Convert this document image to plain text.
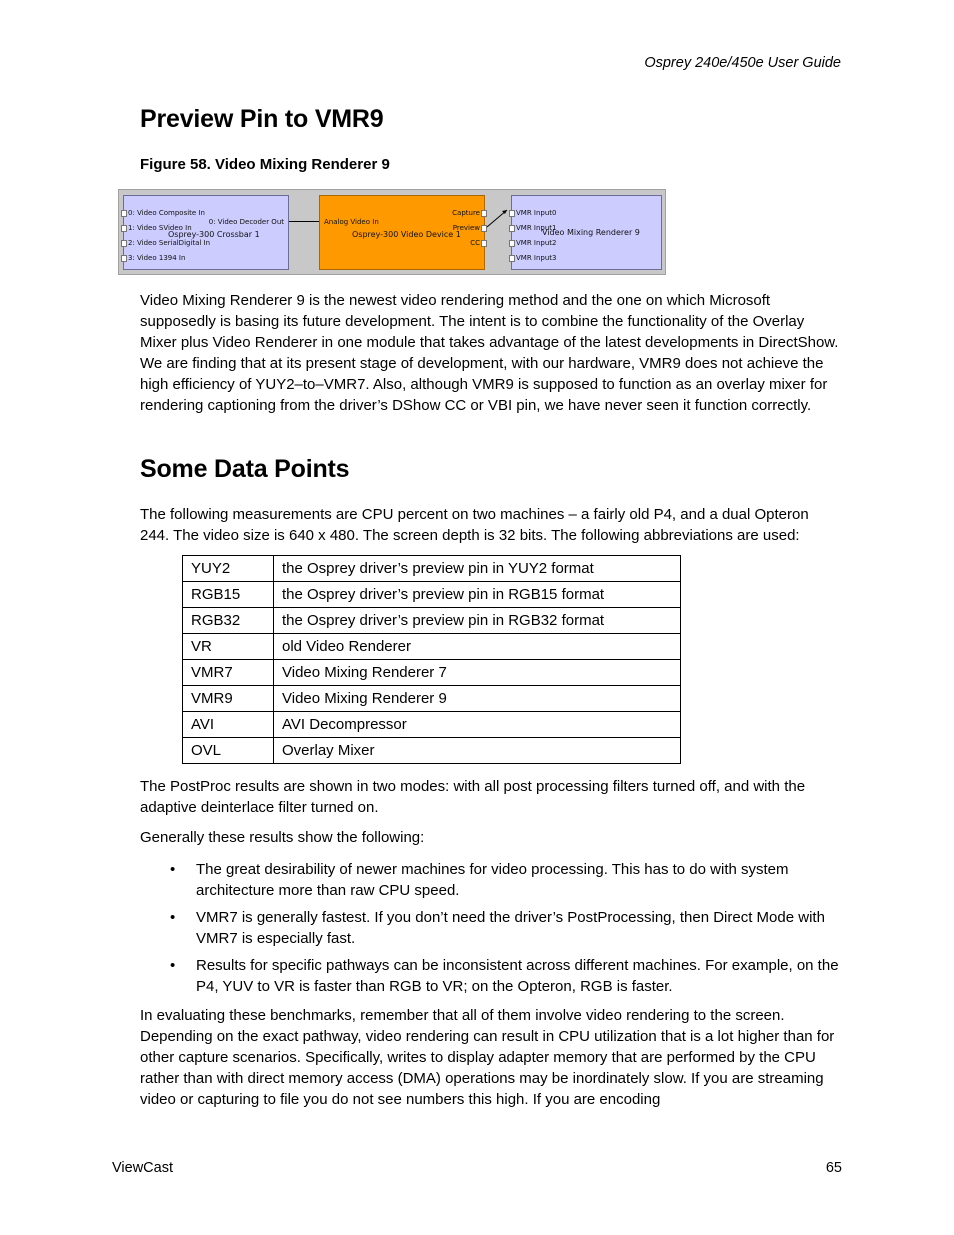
Osprey 240e/450e User Guide
Preview Pin to VMR9
Figure 58. Video Mixing Renderer 9
0: Video Composite In
1: Video SVideo In
2: Video SerialDigital In
3: Video 1394 In
0: Video Decoder Out
Osprey-300 Crossbar 1
Analog Video In
Capture
Preview
CC
Osprey-300 Video Device 1
VMR Input0
VMR Input1
VMR Input2
VMR Input3
Video Mixing Renderer 9

Video Mixing Renderer 9 is the newest video rendering method and the one on which Microsoft supposedly is basing its future development. The intent is to combine the functionality of the Overlay Mixer plus Video Renderer in one module that takes advantage of the latest developments in DirectShow. We are finding that at its present stage of development, with our hardware, VMR9 does not achieve the high efficiency of YUY2–to–VMR7. Also, although VMR9 is supposed to function as an overlay mixer for rendering captioning from the driver’s DShow CC or VBI pin, we have never seen it function correctly.

Some Data Points

The following measurements are CPU percent on two machines – a fairly old P4, and a dual Opteron 244. The video size is 640 x 480. The screen depth is 32 bits. The following abbreviations are used:

YUY2	the Osprey driver’s preview pin in YUY2 format
RGB15	the Osprey driver’s preview pin in RGB15 format
RGB32	the Osprey driver’s preview pin in RGB32 format
VR	old Video Renderer
VMR7	Video Mixing Renderer 7
VMR9	Video Mixing Renderer 9
AVI	AVI Decompressor
OVL	Overlay Mixer

The PostProc results are shown in two modes: with all post processing filters turned off, and with the adaptive deinterlace filter turned on.

Generally these results show the following:

• The great desirability of newer machines for video processing. This has to do with system architecture more than raw CPU speed.
• VMR7 is generally fastest. If you don’t need the driver’s PostProcessing, then Direct Mode with VMR7 is especially fast.
• Results for specific pathways can be inconsistent across different machines. For example, on the P4, YUV to VR is faster than RGB to VR; on the Opteron, RGB is faster.

In evaluating these benchmarks, remember that all of them involve video rendering to the screen. Depending on the exact pathway, video rendering can result in CPU utilization that is a lot higher than for other capture scenarios. Specifically, writes to display adapter memory that are performed by the CPU rather than with direct memory access (DMA) operations may be inordinately slow. If you are streaming video or capturing to file you do not see numbers this high. If you are encoding

ViewCast	65
